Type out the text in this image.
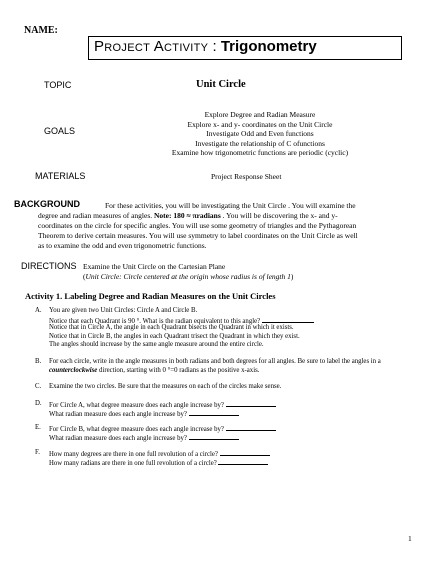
NAME:
Project Activity : Trigonometry
TOPIC	Unit Circle
GOALS
Explore Degree and Radian Measure
Explore x- and y- coordinates on the Unit Circle
Investigate Odd and Even functions
Investigate the relationship of C ofunctions
Examine how trigonometric functions are periodic (cyclic)
MATERIALS	Project Response Sheet
BACKGROUND	For these activities, you will be investigating the Unit Circle . You will examine the
degree and radian measures of angles. Note: 180 ≈ πradians . You will be discovering the x- and y-
coordinates on the circle for specific angles. You will use some geometry of triangles and the Pythagorean
Theorem to derive certain measures. You will use symmetry to label coordinates on the Unit Circle as well
as to examine the odd and even trigonometric functions.
DIRECTIONS Examine the Unit Circle on the Cartesian Plane
(Unit Circle: Circle centered at the origin whose radius is of length 1)
Activity 1. Labeling Degree and Radian Measures on the Unit Circles
A. You are given two Unit Circles: Circle A and Circle B.
Notice that each Quadrant is 90 °. What is the radian equivalent to this angle?
Notice that in Circle A, the angle in each Quadrant bisects the Quadrant in which it exists.
Notice that in Circle B, the angles in each Quadrant trisect the Quadrant in which they exist.
The angles should increase by the same angle measure around the entire circle.
B. For each circle, write in the angle measures in both radians and both degrees for all angles. Be sure to label the angles in a
counterclockwise direction, starting with 0 °=0 radians as the positive x-axis.
C. Examine the two circles. Be sure that the measures on each of the circles make sense.
D. For Circle A, what degree measure does each angle increase by?
What radian measure does each angle increase by?
E. For Circle B, what degree measure does each angle increase by?
What radian measure does each angle increase by?
F. How many degrees are there in one full revolution of a circle?
How many radians are there in one full revolution of a circle?
1
